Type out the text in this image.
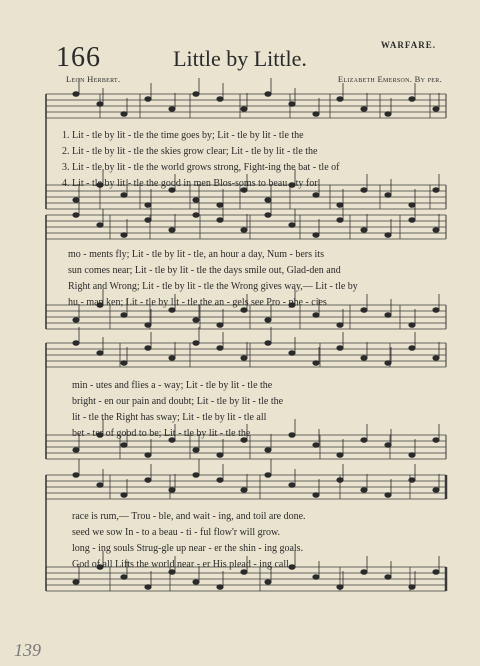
166	Little by Little.
WARFARE.
Leon Herbert.	Elizabeth Emerson. By per.
1. Lit - tle by lit - tle the time goes by; Lit - tle by lit - tle the
2. Lit - tle by lit - tle the skies grow clear; Lit - tle by lit - tle the
3. Lit - tle by lit - tle the world grows strong, Fight-ing the bat - tle of
4. Lit - tle by lit - tle the good in men Blos-soms to beau - ty for
mo - ments fly; Lit - tle by lit - tle, an hour a day, Num - bers its
sun comes near; Lit - tle by lit - tle the days smile out, Glad-den and
Right and Wrong; Lit - tle by lit - tle the Wrong gives way,— Lit - tle by
hu - man ken; Lit - tle by lit - tle the an - gels see Pro - phe - cies
min - utes and flies a - way; Lit - tle by lit - tle the
bright - en our pain and doubt; Lit - tle by lit - tle the
lit - tle the Right has sway; Lit - tle by lit - tle all
bet - ter of good to be; Lit - tle by lit - tle the
race is rum,— Trou - ble, and wait - ing, and toil are done.
seed we sow In - to a beau - ti - ful flow'r will grow.
long - ing souls Strug-gle up near - er the shin - ing goals.
God of all Lifts the world near - er His plead - ing call.
139
